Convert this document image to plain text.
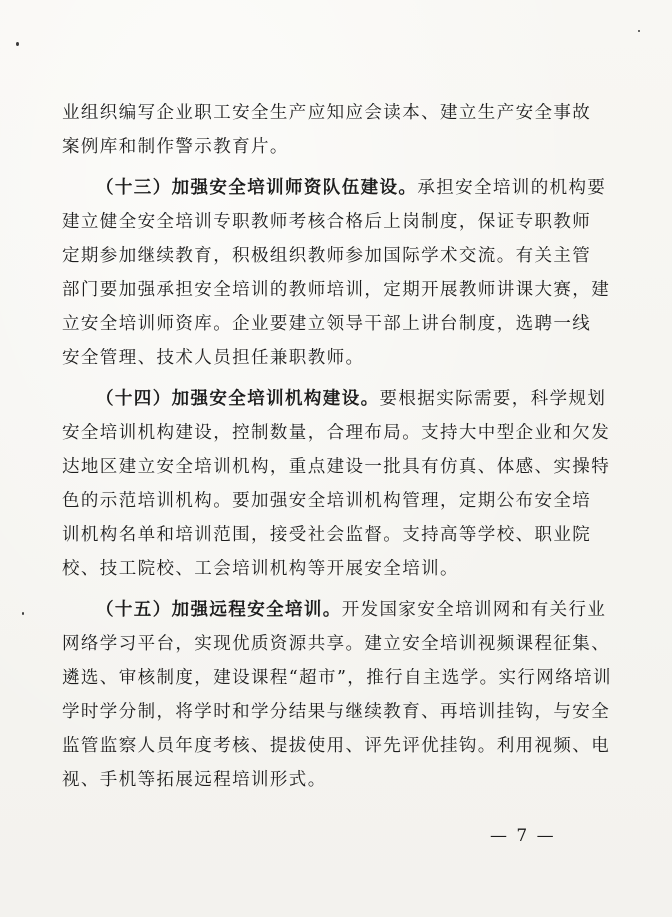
业组织编写企业职工安全生产应知应会读本、建立生产安全事故
案例库和制作警示教育片。
（十三）加强安全培训师资队伍建设。承担安全培训的机构要
建立健全安全培训专职教师考核合格后上岗制度，保证专职教师
定期参加继续教育，积极组织教师参加国际学术交流。有关主管
部门要加强承担安全培训的教师培训，定期开展教师讲课大赛，建
立安全培训师资库。企业要建立领导干部上讲台制度，选聘一线
安全管理、技术人员担任兼职教师。
（十四）加强安全培训机构建设。要根据实际需要，科学规划
安全培训机构建设，控制数量，合理布局。支持大中型企业和欠发
达地区建立安全培训机构，重点建设一批具有仿真、体感、实操特
色的示范培训机构。要加强安全培训机构管理，定期公布安全培
训机构名单和培训范围，接受社会监督。支持高等学校、职业院
校、技工院校、工会培训机构等开展安全培训。
（十五）加强远程安全培训。开发国家安全培训网和有关行业
网络学习平台，实现优质资源共享。建立安全培训视频课程征集、
遴选、审核制度，建设课程“超市”，推行自主选学。实行网络培训
学时学分制，将学时和学分结果与继续教育、再培训挂钩，与安全
监管监察人员年度考核、提拔使用、评先评优挂钩。利用视频、电
视、手机等拓展远程培训形式。
— 7 —
